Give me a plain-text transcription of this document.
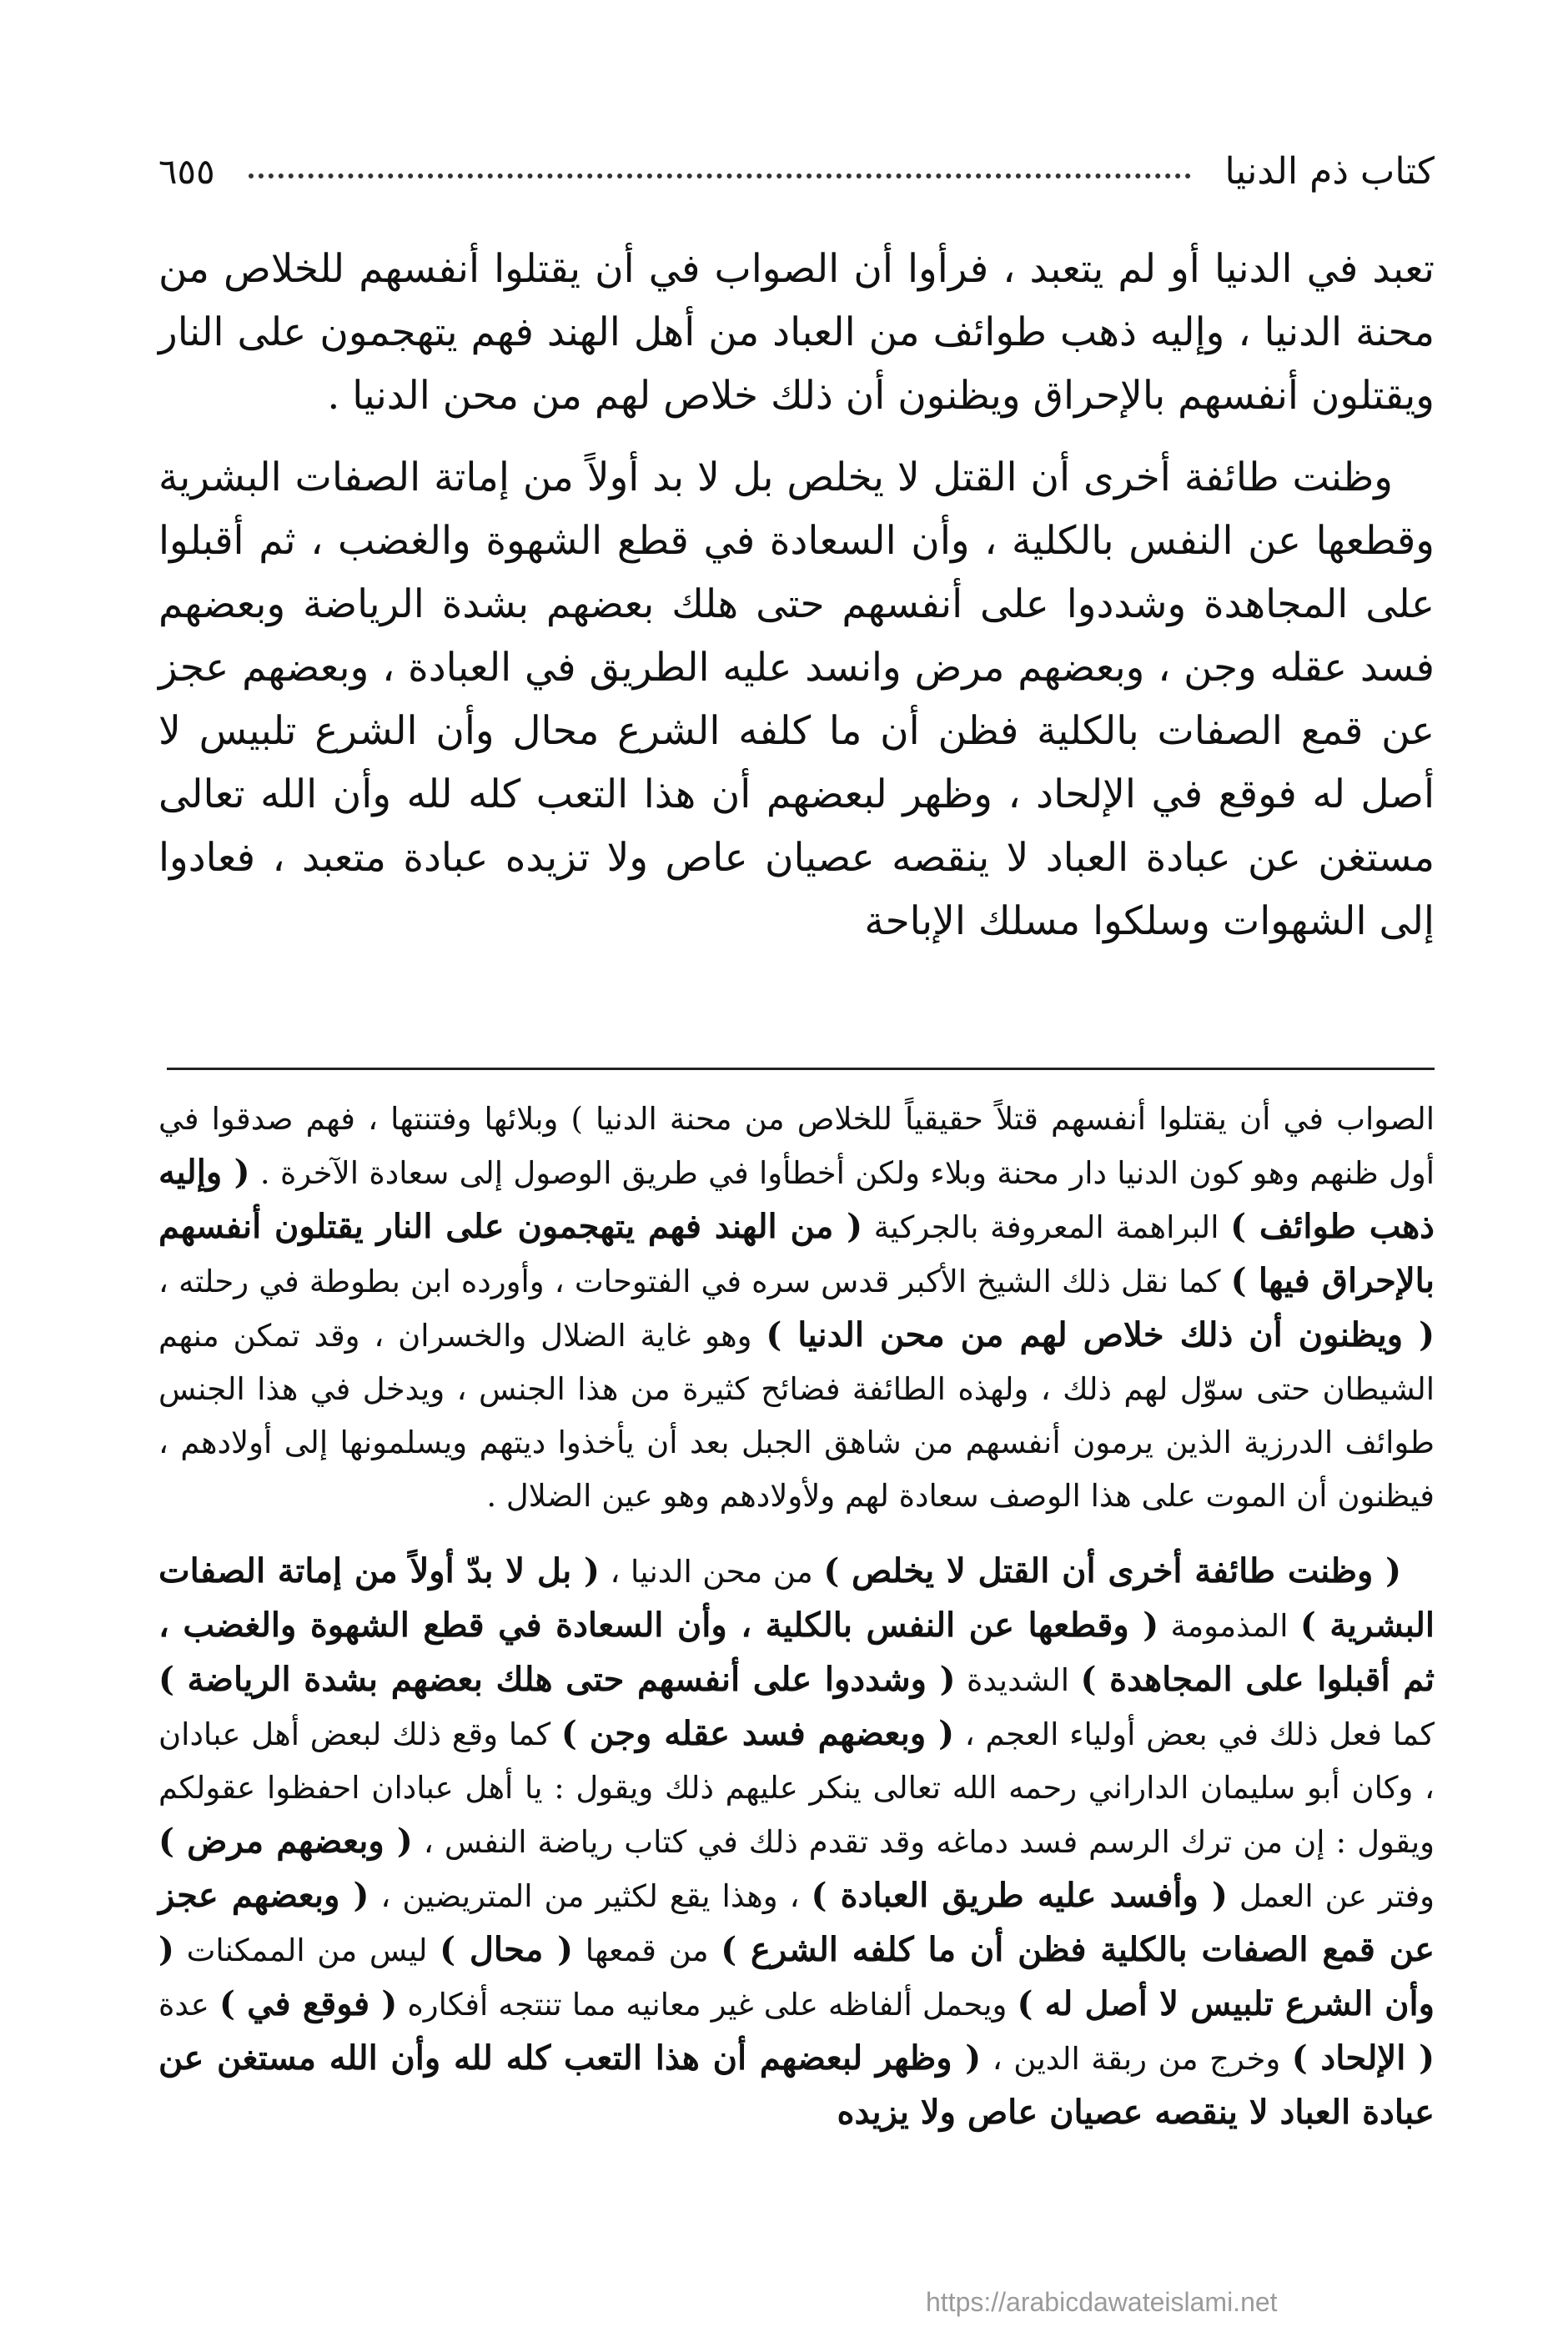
كتاب ذم الدنيا
٦٥٥

تعبد في الدنيا أو لم يتعبد ، فرأوا أن الصواب في أن يقتلوا أنفسهم للخلاص من محنة الدنيا ، وإليه ذهب طوائف من العباد من أهل الهند فهم يتهجمون على النار ويقتلون أنفسهم بالإحراق ويظنون أن ذلك خلاص لهم من محن الدنيا .

وظنت طائفة أخرى أن القتل لا يخلص بل لا بد أولاً من إماتة الصفات البشرية وقطعها عن النفس بالكلية ، وأن السعادة في قطع الشهوة والغضب ، ثم أقبلوا على المجاهدة وشددوا على أنفسهم حتى هلك بعضهم بشدة الرياضة وبعضهم فسد عقله وجن ، وبعضهم مرض وانسد عليه الطريق في العبادة ، وبعضهم عجز عن قمع الصفات بالكلية فظن أن ما كلفه الشرع محال وأن الشرع تلبيس لا أصل له فوقع في الإلحاد ، وظهر لبعضهم أن هذا التعب كله لله وأن الله تعالى مستغن عن عبادة العباد لا ينقصه عصيان عاص ولا تزيده عبادة متعبد ، فعادوا إلى الشهوات وسلكوا مسلك الإباحة

الصواب في أن يقتلوا أنفسهم قتلاً حقيقياً للخلاص من محنة الدنيا ) وبلائها وفتنتها ، فهم صدقوا في أول ظنهم وهو كون الدنيا دار محنة وبلاء ولكن أخطأوا في طريق الوصول إلى سعادة الآخرة . ( وإليه ذهب طوائف ) البراهمة المعروفة بالجركية ( من الهند فهم يتهجمون على النار يقتلون أنفسهم بالإحراق فيها ) كما نقل ذلك الشيخ الأكبر قدس سره في الفتوحات ، وأورده ابن بطوطة في رحلته ، ( ويظنون أن ذلك خلاص لهم من محن الدنيا ) وهو غاية الضلال والخسران ، وقد تمكن منهم الشيطان حتى سوّل لهم ذلك ، ولهذه الطائفة فضائح كثيرة من هذا الجنس ، ويدخل في هذا الجنس طوائف الدرزية الذين يرمون أنفسهم من شاهق الجبل بعد أن يأخذوا ديتهم ويسلمونها إلى أولادهم ، فيظنون أن الموت على هذا الوصف سعادة لهم ولأولادهم وهو عين الضلال .

( وظنت طائفة أخرى أن القتل لا يخلص ) من محن الدنيا ، ( بل لا بدّ أولاً من إماتة الصفات البشرية ) المذمومة ( وقطعها عن النفس بالكلية ، وأن السعادة في قطع الشهوة والغضب ، ثم أقبلوا على المجاهدة ) الشديدة ( وشددوا على أنفسهم حتى هلك بعضهم بشدة الرياضة ) كما فعل ذلك في بعض أولياء العجم ، ( وبعضهم فسد عقله وجن ) كما وقع ذلك لبعض أهل عبادان ، وكان أبو سليمان الداراني رحمه الله تعالى ينكر عليهم ذلك ويقول : يا أهل عبادان احفظوا عقولكم ويقول : إن من ترك الرسم فسد دماغه وقد تقدم ذلك في كتاب رياضة النفس ، ( وبعضهم مرض ) وفتر عن العمل ( وأفسد عليه طريق العبادة ) ، وهذا يقع لكثير من المتريضين ، ( وبعضهم عجز عن قمع الصفات بالكلية فظن أن ما كلفه الشرع ) من قمعها ( محال ) ليس من الممكنات ( وأن الشرع تلبيس لا أصل له ) ويحمل ألفاظه على غير معانيه مما تنتجه أفكاره ( فوقع في ) عدة ( الإلحاد ) وخرج من ربقة الدين ، ( وظهر لبعضهم أن هذا التعب كله لله وأن الله مستغن عن عبادة العباد لا ينقصه عصيان عاص ولا يزيده

https://arabicdawateislami.net
